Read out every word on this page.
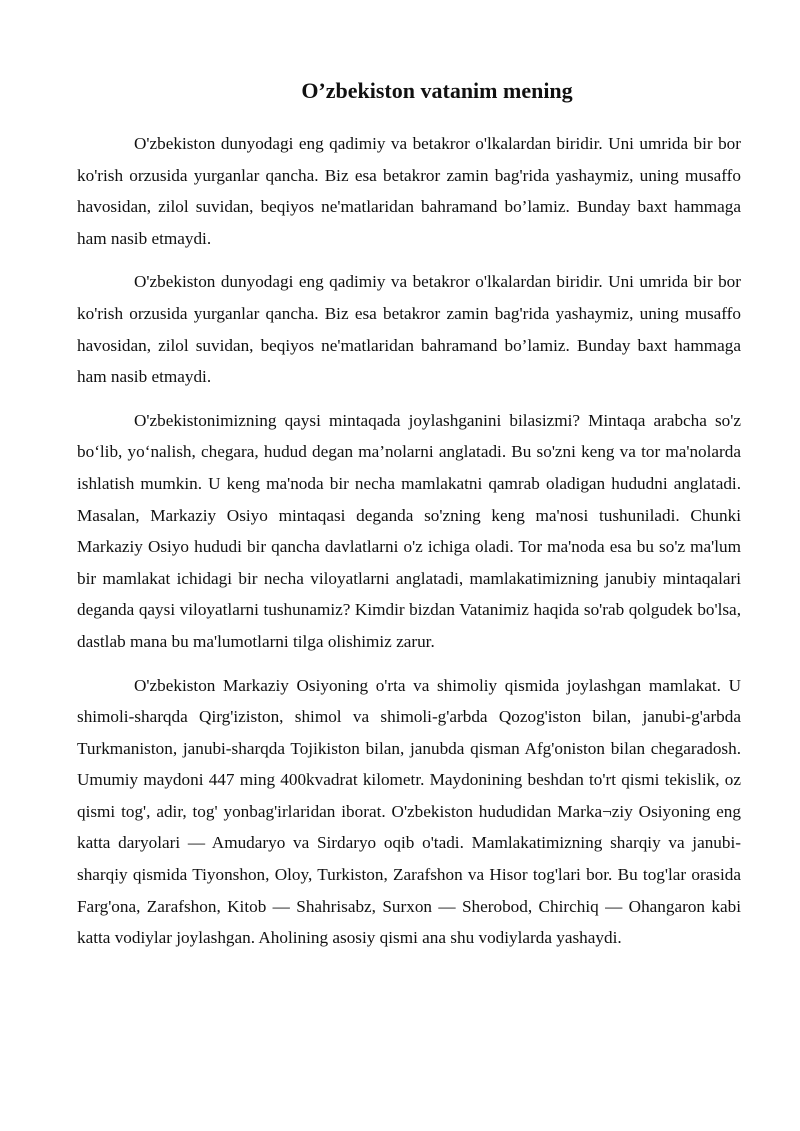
O’zbekiston vatanim mening

O'zbekiston dunyodagi eng qadimiy va betakror o'lkalardan biridir. Uni umrida bir bor ko'rish orzusida yurganlar qancha. Biz esa betakror zamin bag'rida yashaymiz, uning musaffo havosidan, zilol suvidan, beqiyos ne'matlaridan bahramand bo’lamiz. Bunday baxt hammaga ham nasib etmaydi.

O'zbekiston dunyodagi eng qadimiy va betakror o'lkalardan biridir. Uni umrida bir bor ko'rish orzusida yurganlar qancha. Biz esa betakror zamin bag'rida yashaymiz, uning musaffo havosidan, zilol suvidan, beqiyos ne'matlaridan bahramand bo’lamiz. Bunday baxt hammaga ham nasib etmaydi.

O'zbekistonimizning qaysi mintaqada joylashganini bilasizmi? Mintaqa arabcha so'z boʻlib, yoʻnalish, chegara, hudud degan ma’nolarni anglatadi. Bu so'zni keng va tor ma'nolarda ishlatish mumkin. U keng ma'noda bir necha mamlakatni qamrab oladigan hududni anglatadi. Masalan, Markaziy Osiyo mintaqasi deganda so'zning keng ma'nosi tushuniladi. Chunki Markaziy Osiyo hududi bir qancha davlatlarni o'z ichiga oladi. Tor ma'noda esa bu so'z ma'lum bir mamlakat ichidagi bir necha viloyatlarni anglatadi, mamlakatimizning janubiy mintaqalari deganda qaysi viloyatlarni tushunamiz? Kimdir bizdan Vatanimiz haqida so'rab qolgudek bo'lsa, dastlab mana bu ma'lumotlarni tilga olishimiz zarur.

O'zbekiston Markaziy Osiyoning o'rta va shimoliy qismida joylashgan mamlakat. U shimoli-sharqda Qirg'iziston, shimol va shimoli-g'arbda Qozog'iston bilan, janubi-g'arbda Turkmaniston, janubi-sharqda Tojikiston bilan, janubda qisman Afg'oniston bilan chegaradosh. Umumiy maydoni 447 ming 400kvadrat kilometr. Maydonining beshdan to'rt qismi tekislik, oz qismi tog', adir, tog' yonbag'irlaridan iborat. O'zbekiston hududidan Marka¬ziy Osiyoning eng katta daryolari — Amudaryo va Sirdaryo oqib o'tadi. Mamlakatimizning sharqiy va janubi-sharqiy qismida Tiyonshon, Oloy, Turkiston, Zarafshon va Hisor tog'lari bor. Bu tog'lar orasida Farg'ona, Zarafshon, Kitob — Shahrisabz, Surxon — Sherobod, Chirchiq — Ohangaron kabi katta vodiylar joylashgan. Aholining asosiy qismi ana shu vodiylarda yashaydi.
